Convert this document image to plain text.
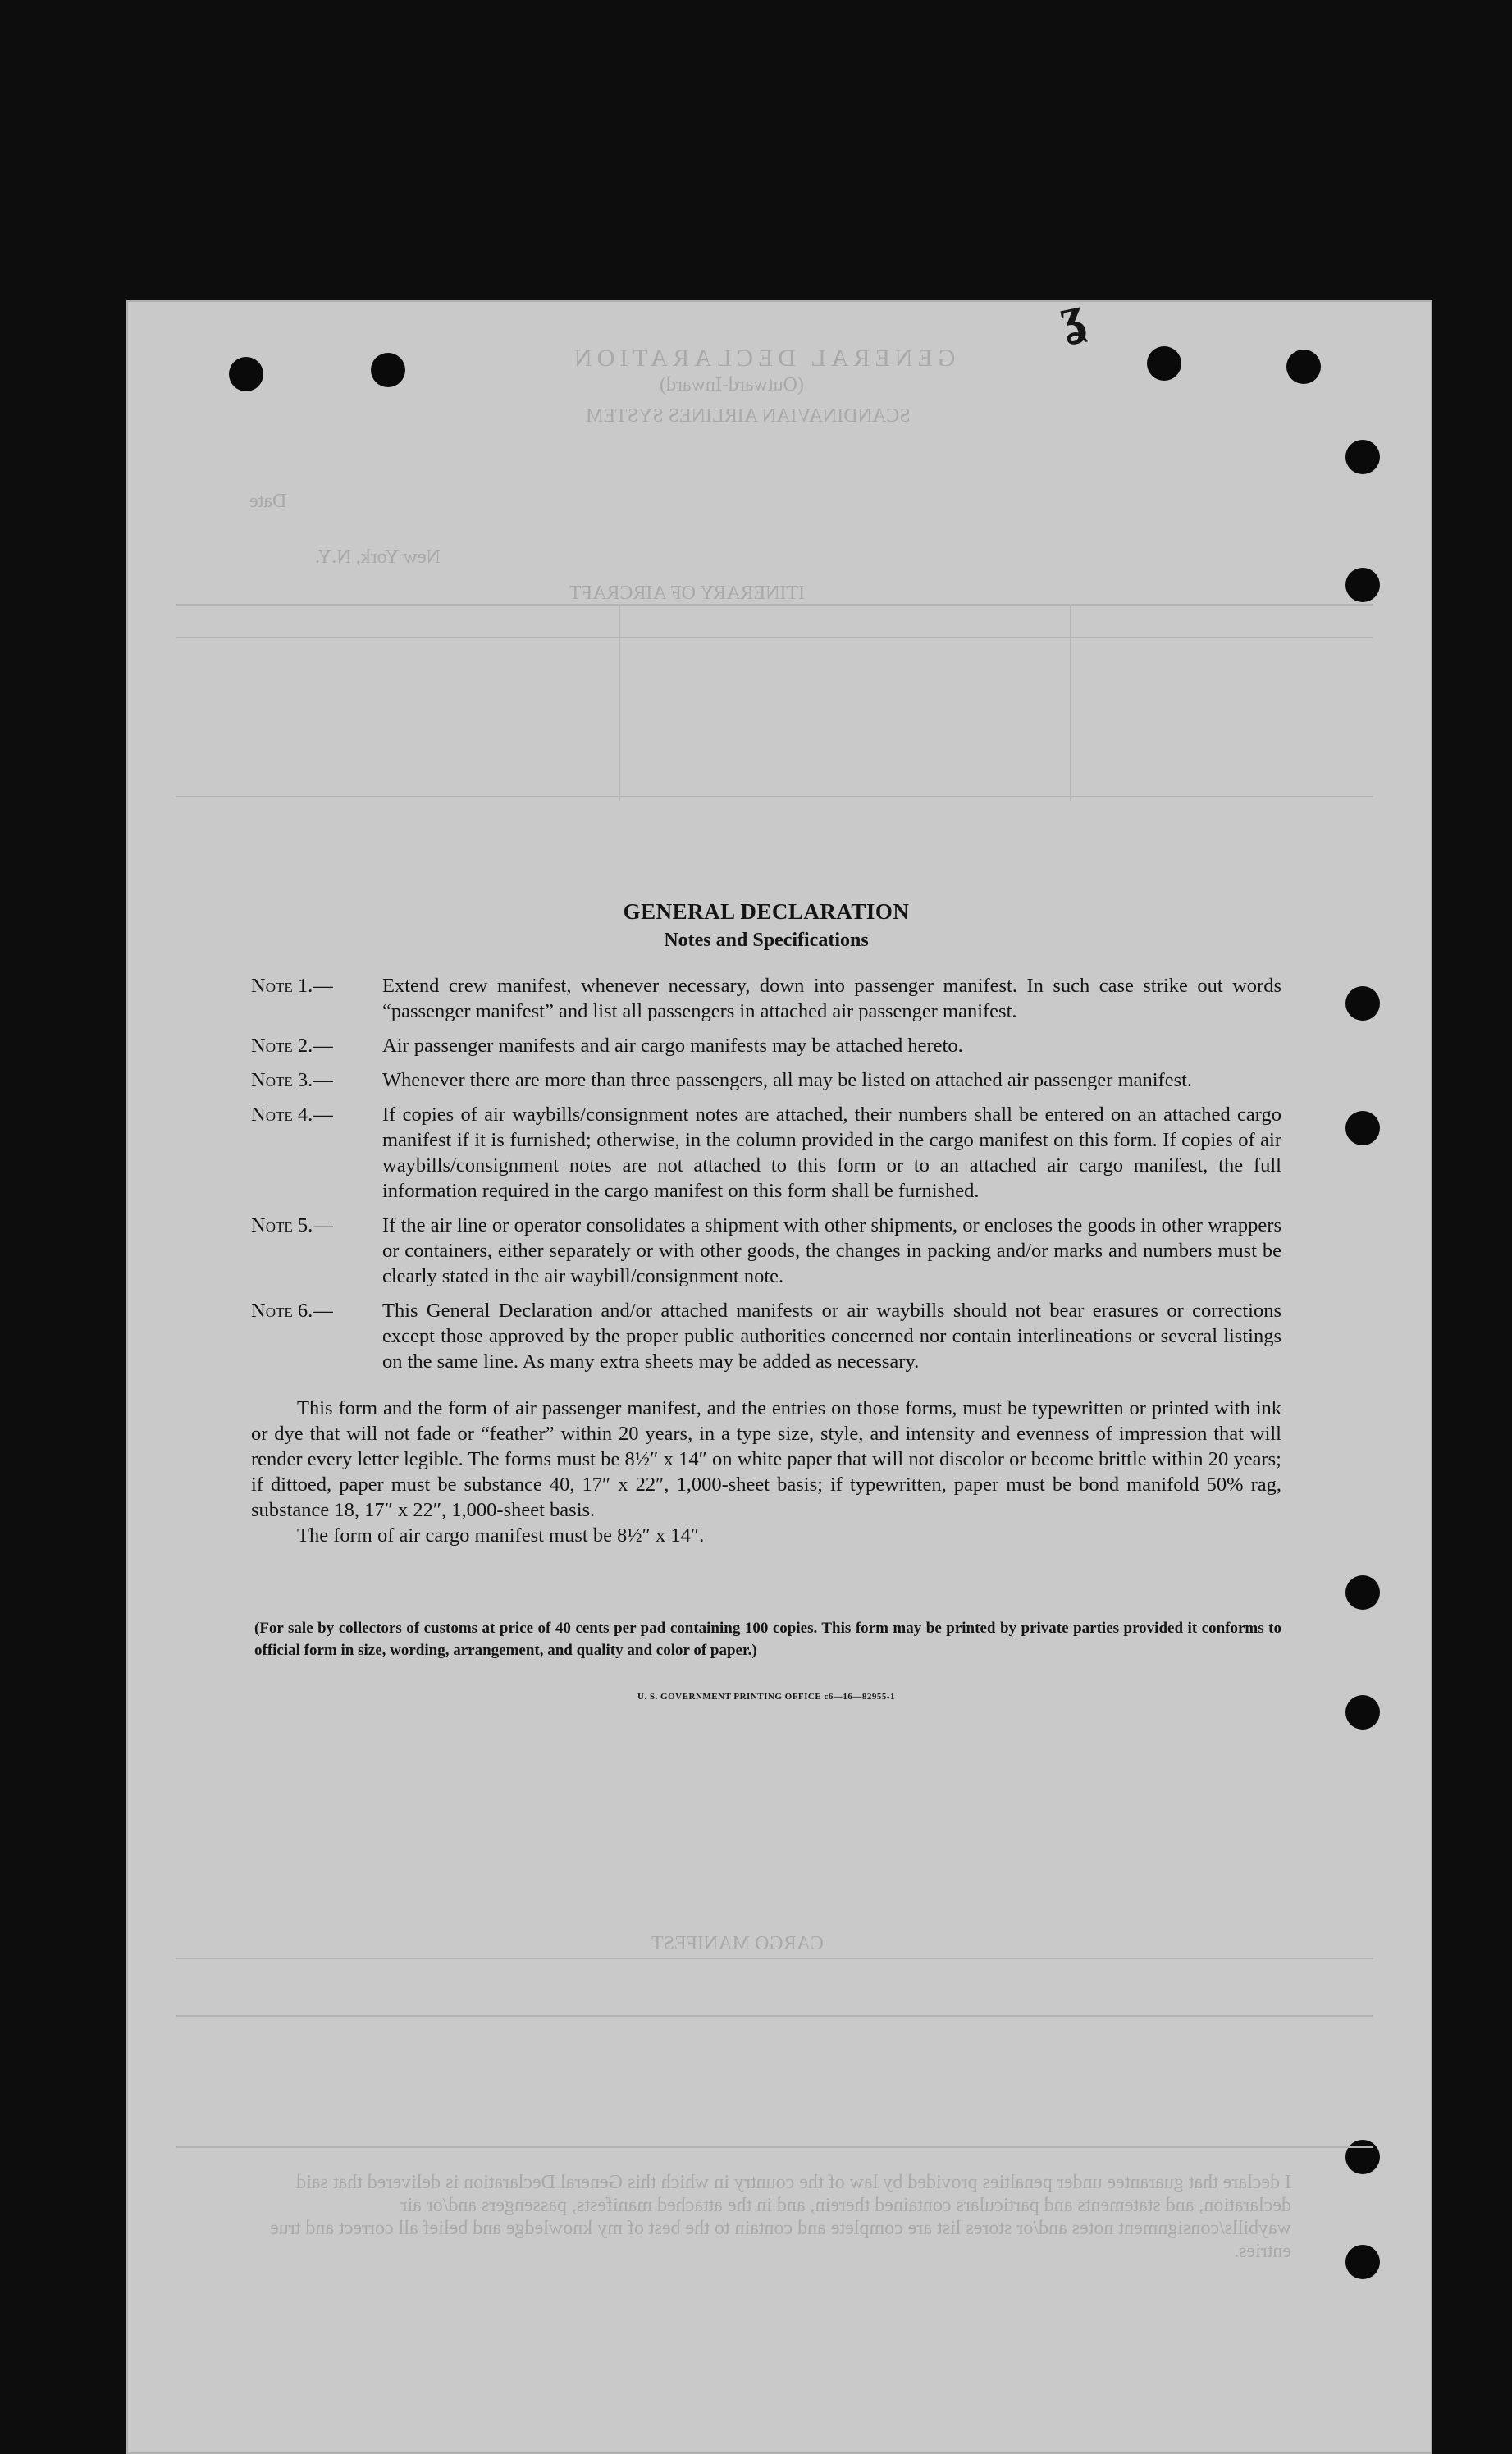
GENERAL DECLARATION
(Outward-Inward)
SCANDINAVIAN AIRLINES SYSTEM
Date
New York, N.Y.
ITINERARY OF AIRCRAFT
CARGO MANIFEST
I declare that guarantee under penalties provided by law of the country in which this General Declaration is delivered that said declaration, and statements and particulars contained therein, and in the attached manifests, passengers and/or air waybills/consignment notes and/or stores list are complete and contain to the best of my knowledge and belief all correct and true entries.
ʓ
GENERAL DECLARATION
Notes and Specifications
Note 1.—	Extend crew manifest, whenever necessary, down into passenger manifest. In such case strike out words “passenger manifest” and list all passengers in attached air passenger manifest.
Note 2.—	Air passenger manifests and air cargo manifests may be attached hereto.
Note 3.—	Whenever there are more than three passengers, all may be listed on attached air passenger manifest.
Note 4.—	If copies of air waybills/consignment notes are attached, their numbers shall be entered on an attached cargo manifest if it is furnished; otherwise, in the column provided in the cargo manifest on this form. If copies of air waybills/consignment notes are not attached to this form or to an attached air cargo manifest, the full information required in the cargo manifest on this form shall be furnished.
Note 5.—	If the air line or operator consolidates a shipment with other shipments, or encloses the goods in other wrappers or containers, either separately or with other goods, the changes in packing and/or marks and numbers must be clearly stated in the air waybill/consignment note.
Note 6.—	This General Declaration and/or attached manifests or air waybills should not bear erasures or corrections except those approved by the proper public authorities concerned nor contain interlineations or several listings on the same line. As many extra sheets may be added as necessary.
This form and the form of air passenger manifest, and the entries on those forms, must be typewritten or printed with ink or dye that will not fade or “feather” within 20 years, in a type size, style, and intensity and evenness of impression that will render every letter legible. The forms must be 8½″ x 14″ on white paper that will not discolor or become brittle within 20 years; if dittoed, paper must be substance 40, 17″ x 22″, 1,000-sheet basis; if typewritten, paper must be bond manifold 50% rag, substance 18, 17″ x 22″, 1,000-sheet basis.
The form of air cargo manifest must be 8½″ x 14″.
(For sale by collectors of customs at price of 40 cents per pad containing 100 copies. This form may be printed by private parties provided it conforms to official form in size, wording, arrangement, and quality and color of paper.)
U. S. GOVERNMENT PRINTING OFFICE c6—16—82955-1
